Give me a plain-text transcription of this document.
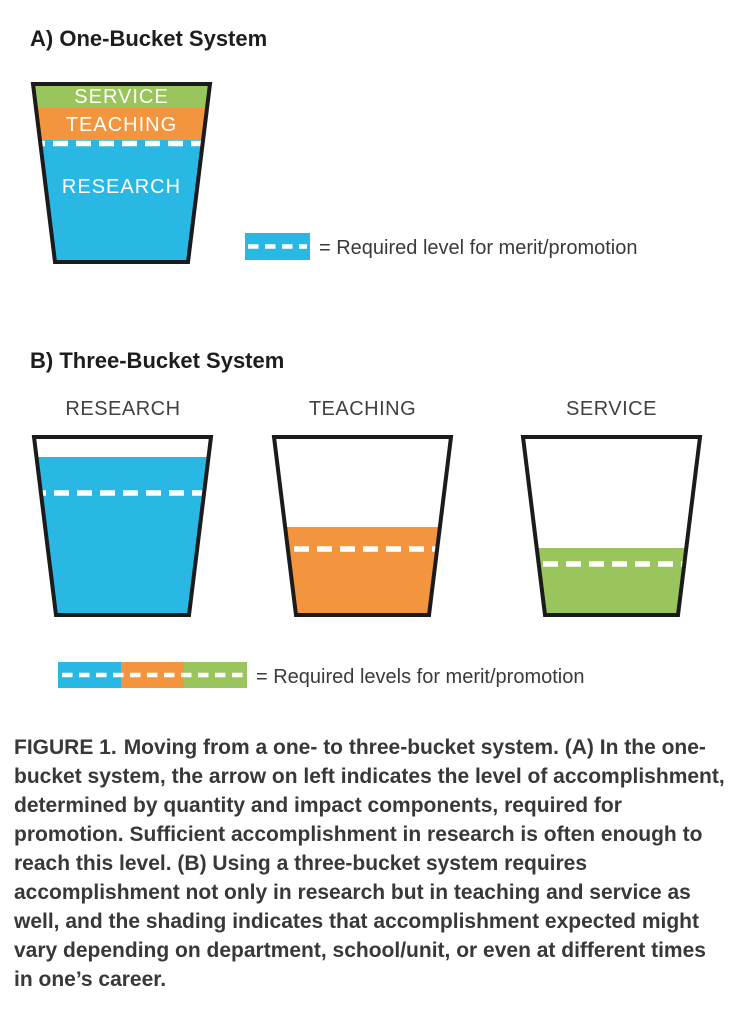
A) One-Bucket System
SERVICE
TEACHING
RESEARCH
= Required level for merit/promotion
B) Three-Bucket System
RESEARCH	TEACHING	SERVICE
= Required levels for merit/promotion

FIGURE 1. Moving from a one- to three-bucket system. (A) In the one-bucket system, the arrow on left indicates the level of accomplishment, determined by quantity and impact components, required for promotion. Sufficient accomplishment in research is often enough to reach this level. (B) Using a three-bucket system requires accomplishment not only in research but in teaching and service as well, and the shading indicates that accomplishment expected might vary depending on department, school/unit, or even at different times in one’s career.
